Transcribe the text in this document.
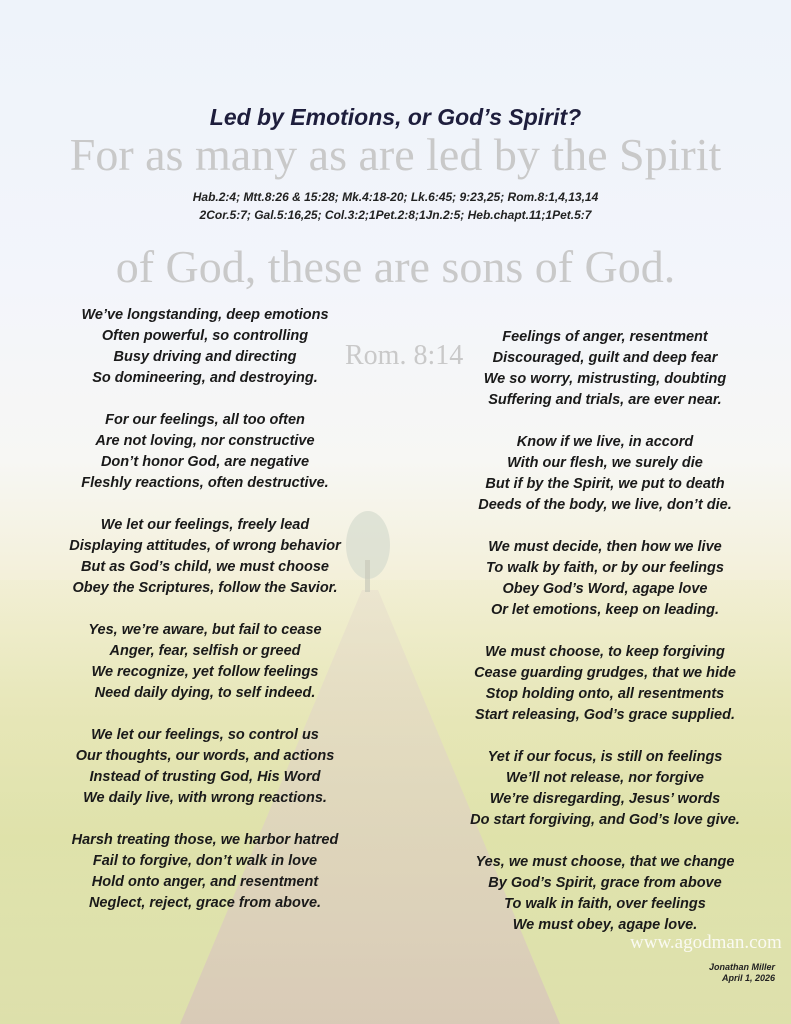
For as many as are led by the Spirit
of God, these are sons of God.
Rom. 8:14
Led by Emotions, or God’s Spirit?
Hab.2:4; Mtt.8:26 & 15:28; Mk.4:18-20; Lk.6:45; 9:23,25; Rom.8:1,4,13,14
2Cor.5:7; Gal.5:16,25; Col.3:2;1Pet.2:8;1Jn.2:5; Heb.chapt.11;1Pet.5:7
We’ve longstanding, deep emotions
Often powerful, so controlling
Busy driving and directing
So domineering, and destroying.
For our feelings, all too often
Are not loving, nor constructive
Don’t honor God, are negative
Fleshly reactions, often destructive.
We let our feelings, freely lead
Displaying attitudes, of wrong behavior
But as God’s child, we must choose
Obey the Scriptures, follow the Savior.
Yes, we’re aware, but fail to cease
Anger, fear, selfish or greed
We recognize, yet follow feelings
Need daily dying, to self indeed.
We let our feelings, so control us
Our thoughts, our words, and actions
Instead of trusting God, His Word
We daily live, with wrong reactions.
Harsh treating those, we harbor hatred
Fail to forgive, don’t walk in love
Hold onto anger, and resentment
Neglect, reject, grace from above.
Feelings of anger, resentment
Discouraged, guilt and deep fear
We so worry, mistrusting, doubting
Suffering and trials, are ever near.
Know if we live, in accord
With our flesh, we surely die
But if by the Spirit, we put to death
Deeds of the body, we live, don’t die.
We must decide, then how we live
To walk by faith, or by our feelings
Obey God’s Word, agape love
Or let emotions, keep on leading.
We must choose, to keep forgiving
Cease guarding grudges, that we hide
Stop holding onto, all resentments
Start releasing, God’s grace supplied.
Yet if our focus, is still on feelings
We’ll not release, nor forgive
We’re disregarding, Jesus’ words
Do start forgiving, and God’s love give.
Yes, we must choose, that we change
By God’s Spirit, grace from above
To walk in faith, over feelings
We must obey, agape love.
www.agodman.com
Jonathan Miller
April 1, 2026
